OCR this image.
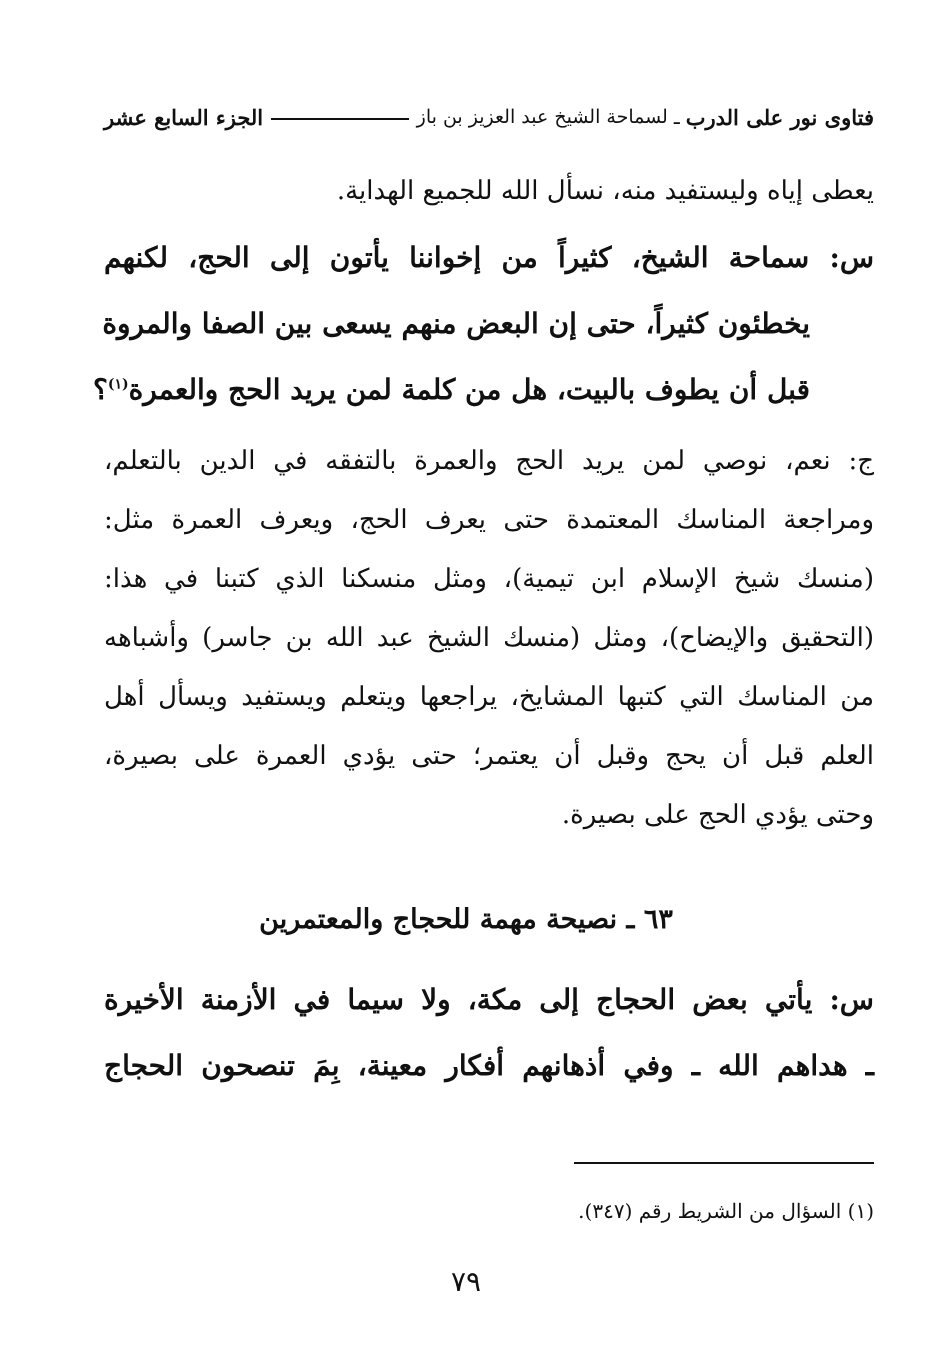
فتاوى نور على الدرب
ـ
لسماحة الشيخ عبد العزيز بن باز
الجزء السابع عشر
يعطى إياه وليستفيد منه، نسأل الله للجميع الهداية.
س: سماحة الشيخ، كثيراً من إخواننا يأتون إلى الحج، لكنهم
يخطئون كثيراً، حتى إن البعض منهم يسعى بين الصفا والمروة
قبل أن يطوف بالبيت، هل من كلمة لمن يريد الحج والعمرة$^{(١)}$؟
ج: نعم، نوصي لمن يريد الحج والعمرة بالتفقه في الدين بالتعلم،
ومراجعة المناسك المعتمدة حتى يعرف الحج، ويعرف العمرة مثل:
(منسك شيخ الإسلام ابن تيمية)، ومثل منسكنا الذي كتبنا في هذا:
(التحقيق والإيضاح)، ومثل (منسك الشيخ عبد الله بن جاسر) وأشباهه
من المناسك التي كتبها المشايخ، يراجعها ويتعلم ويستفيد ويسأل أهل
العلم قبل أن يحج وقبل أن يعتمر؛ حتى يؤدي العمرة على بصيرة،
وحتى يؤدي الحج على بصيرة.
٦٣ ـ نصيحة مهمة للحجاج والمعتمرين
س: يأتي بعض الحجاج إلى مكة، ولا سيما في الأزمنة الأخيرة
ـ هداهم الله ـ وفي أذهانهم أفكار معينة، بِمَ تنصحون الحجاج
(١) السؤال من الشريط رقم (٣٤٧).
٧٩
